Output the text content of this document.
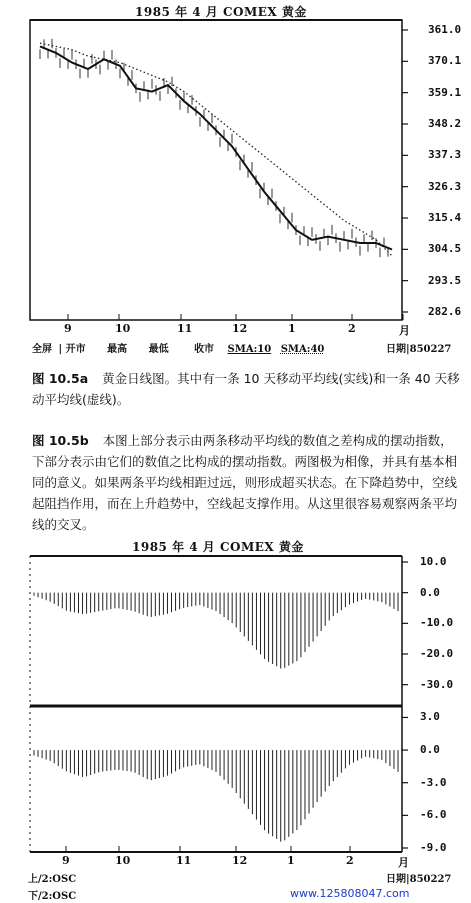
1985 年 4 月 COMEX 黄金
361.0
370.1
359.1
348.2
337.3
326.3
315.4
304.5
293.5
282.6
9	10	11	12	1	2	月
全屏 | 开市 最高 最低	收市 SMA:10 SMA:40	日期|850227
图 10.5a 黄金日线图。其中有一条 10 天移动平均线(实线)和一条 40 天移动平均线(虚线)。
图 10.5b 本图上部分表示由两条移动平均线的数值之差构成的摆动指数，下部分表示由它们的数值之比构成的摆动指数。两图极为相像，并具有基本相同的意义。如果两条平均线相距过远，则形成超买状态。在下降趋势中，空线起阻挡作用，而在上升趋势中，空线起支撑作用。从这里很容易观察两条平均线的交叉。
1985 年 4 月 COMEX 黄金
10.0
0.0
-10.0
-20.0
-30.0
3.0
0.0
-3.0
-6.0
-9.0
9	10	11	12	1	2	月
上/2:OSC
下/2:OSC
日期|850227
www.125808047.com
